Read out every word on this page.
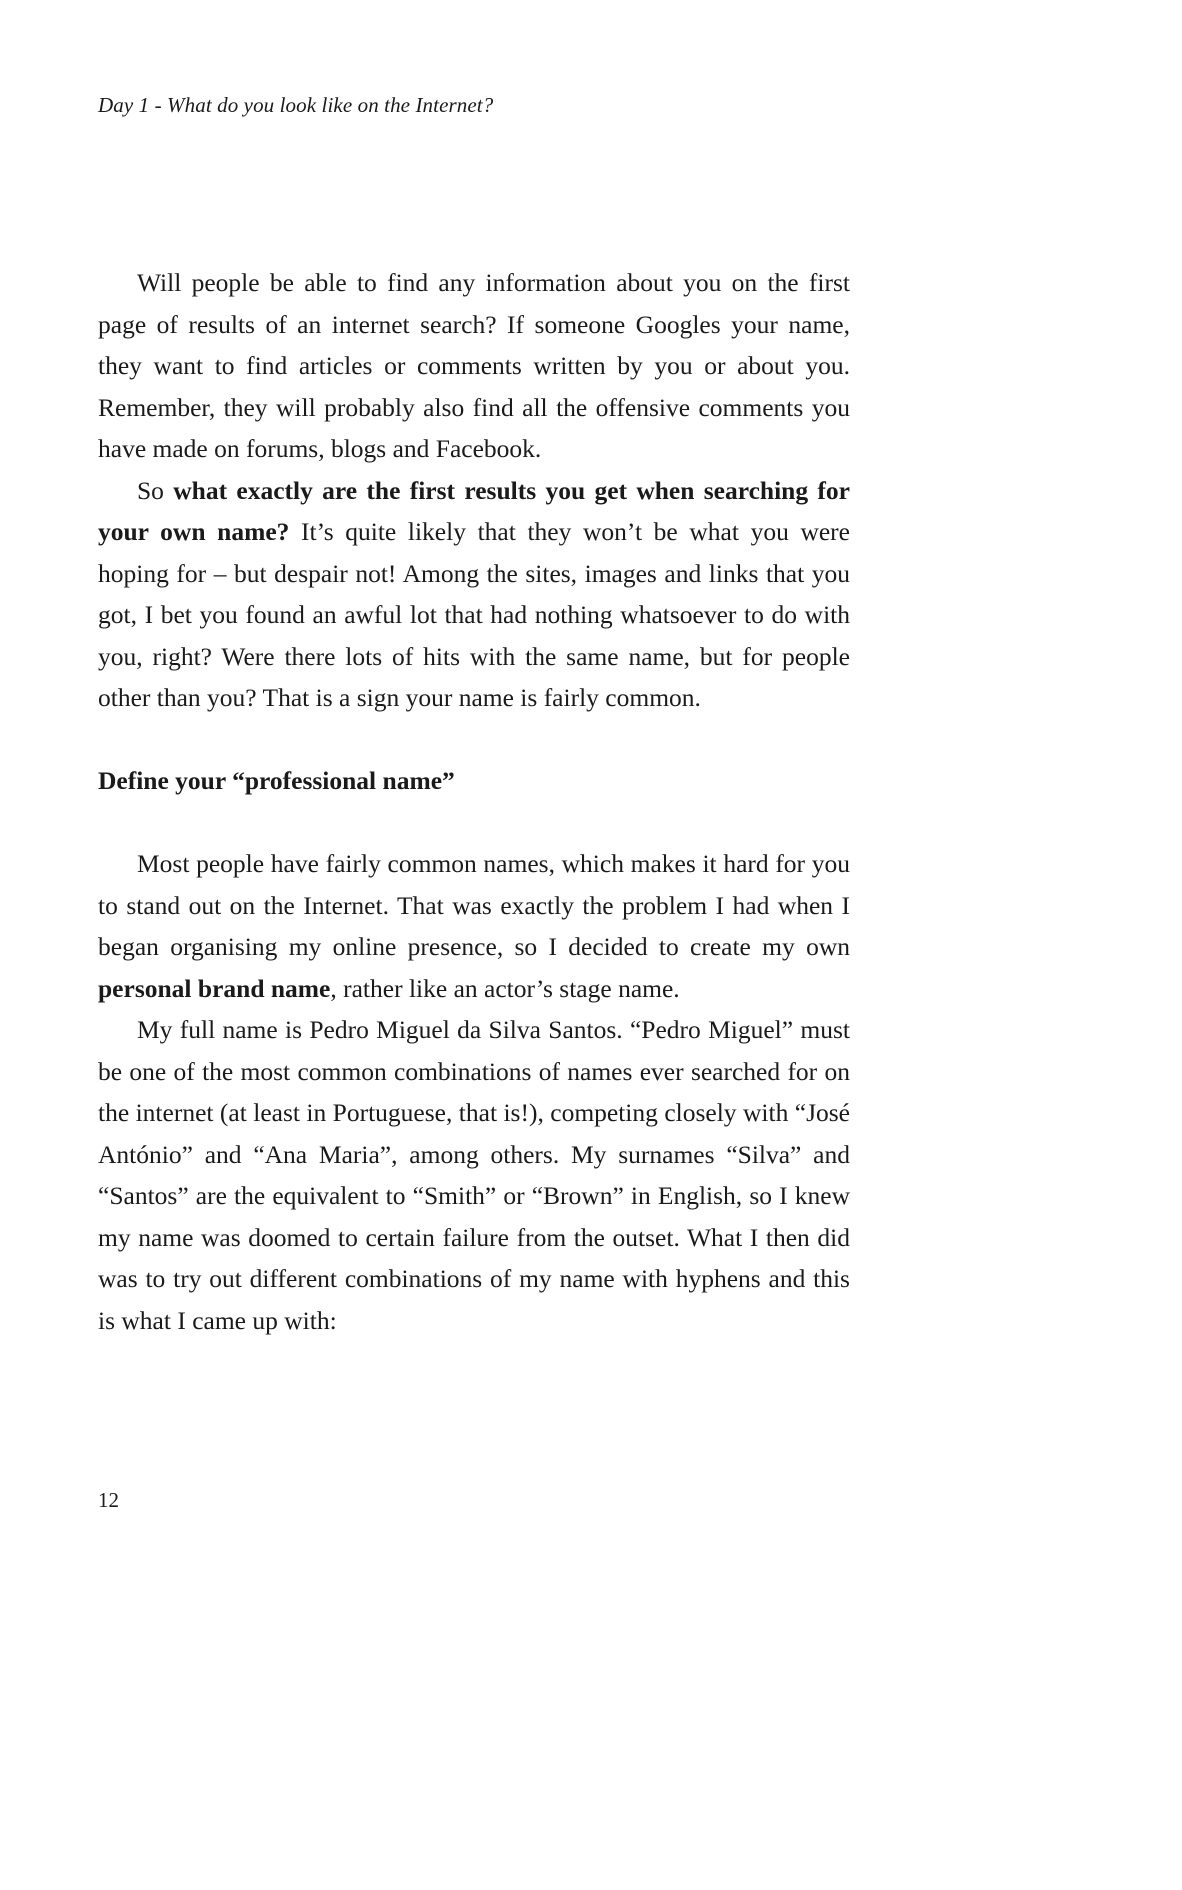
Day 1 - What do you look like on the Internet?

Will people be able to find any information about you on the first page of results of an internet search? If someone Googles your name, they want to find articles or comments written by you or about you. Remember, they will probably also find all the offensive comments you have made on forums, blogs and Facebook.

So what exactly are the first results you get when searching for your own name? It’s quite likely that they won’t be what you were hoping for – but despair not! Among the sites, images and links that you got, I bet you found an awful lot that had nothing whatsoever to do with you, right? Were there lots of hits with the same name, but for people other than you? That is a sign your name is fairly common.

Define your “professional name”

Most people have fairly common names, which makes it hard for you to stand out on the Internet. That was exactly the problem I had when I began organising my online presence, so I decided to create my own personal brand name, rather like an actor’s stage name.

My full name is Pedro Miguel da Silva Santos. “Pedro Miguel” must be one of the most common combinations of names ever searched for on the internet (at least in Portuguese, that is!), competing closely with “José António” and “Ana Maria”, among others. My surnames “Silva” and “Santos” are the equivalent to “Smith” or “Brown” in English, so I knew my name was doomed to certain failure from the outset. What I then did was to try out different combinations of my name with hyphens and this is what I came up with:

12
